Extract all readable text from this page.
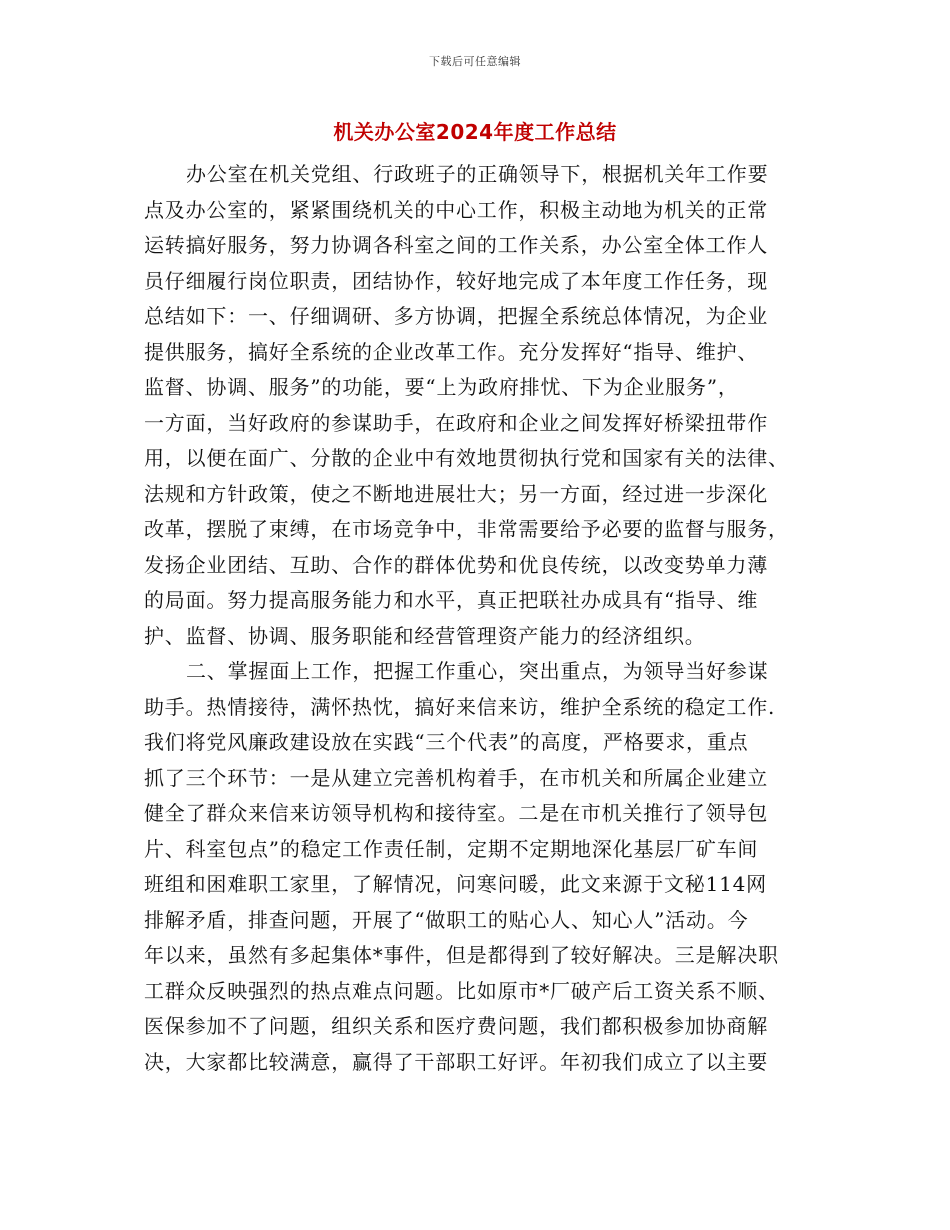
下载后可任意编辑
机关办公室2024年度工作总结
办公室在机关党组、行政班子的正确领导下，根据机关年工作要
点及办公室的，紧紧围绕机关的中心工作，积极主动地为机关的正常
运转搞好服务，努力协调各科室之间的工作关系，办公室全体工作人
员仔细履行岗位职责，团结协作，较好地完成了本年度工作任务，现
总结如下：一、仔细调研、多方协调，把握全系统总体情况，为企业
提供服务，搞好全系统的企业改革工作。充分发挥好“指导、维护、
监督、协调、服务”的功能，要“上为政府排忧、下为企业服务”，
一方面，当好政府的参谋助手，在政府和企业之间发挥好桥梁扭带作
用，以便在面广、分散的企业中有效地贯彻执行党和国家有关的法律、
法规和方针政策，使之不断地进展壮大；另一方面，经过进一步深化
改革，摆脱了束缚，在市场竞争中，非常需要给予必要的监督与服务，
发扬企业团结、互助、合作的群体优势和优良传统，以改变势单力薄
的局面。努力提高服务能力和水平，真正把联社办成具有“指导、维
护、监督、协调、服务职能和经营管理资产能力的经济组织。
二、掌握面上工作，把握工作重心，突出重点，为领导当好参谋
助手。热情接待，满怀热忱，搞好来信来访，维护全系统的稳定工作.
我们将党风廉政建设放在实践“三个代表”的高度，严格要求，重点
抓了三个环节：一是从建立完善机构着手，在市机关和所属企业建立
健全了群众来信来访领导机构和接待室。二是在市机关推行了领导包
片、科室包点”的稳定工作责任制，定期不定期地深化基层厂矿车间
班组和困难职工家里，了解情况，问寒问暖，此文来源于文秘114网
排解矛盾，排查问题，开展了“做职工的贴心人、知心人”活动。今
年以来，虽然有多起集体*事件，但是都得到了较好解决。三是解决职
工群众反映强烈的热点难点问题。比如原市*厂破产后工资关系不顺、
医保参加不了问题，组织关系和医疗费问题，我们都积极参加协商解
决，大家都比较满意，赢得了干部职工好评。年初我们成立了以主要
